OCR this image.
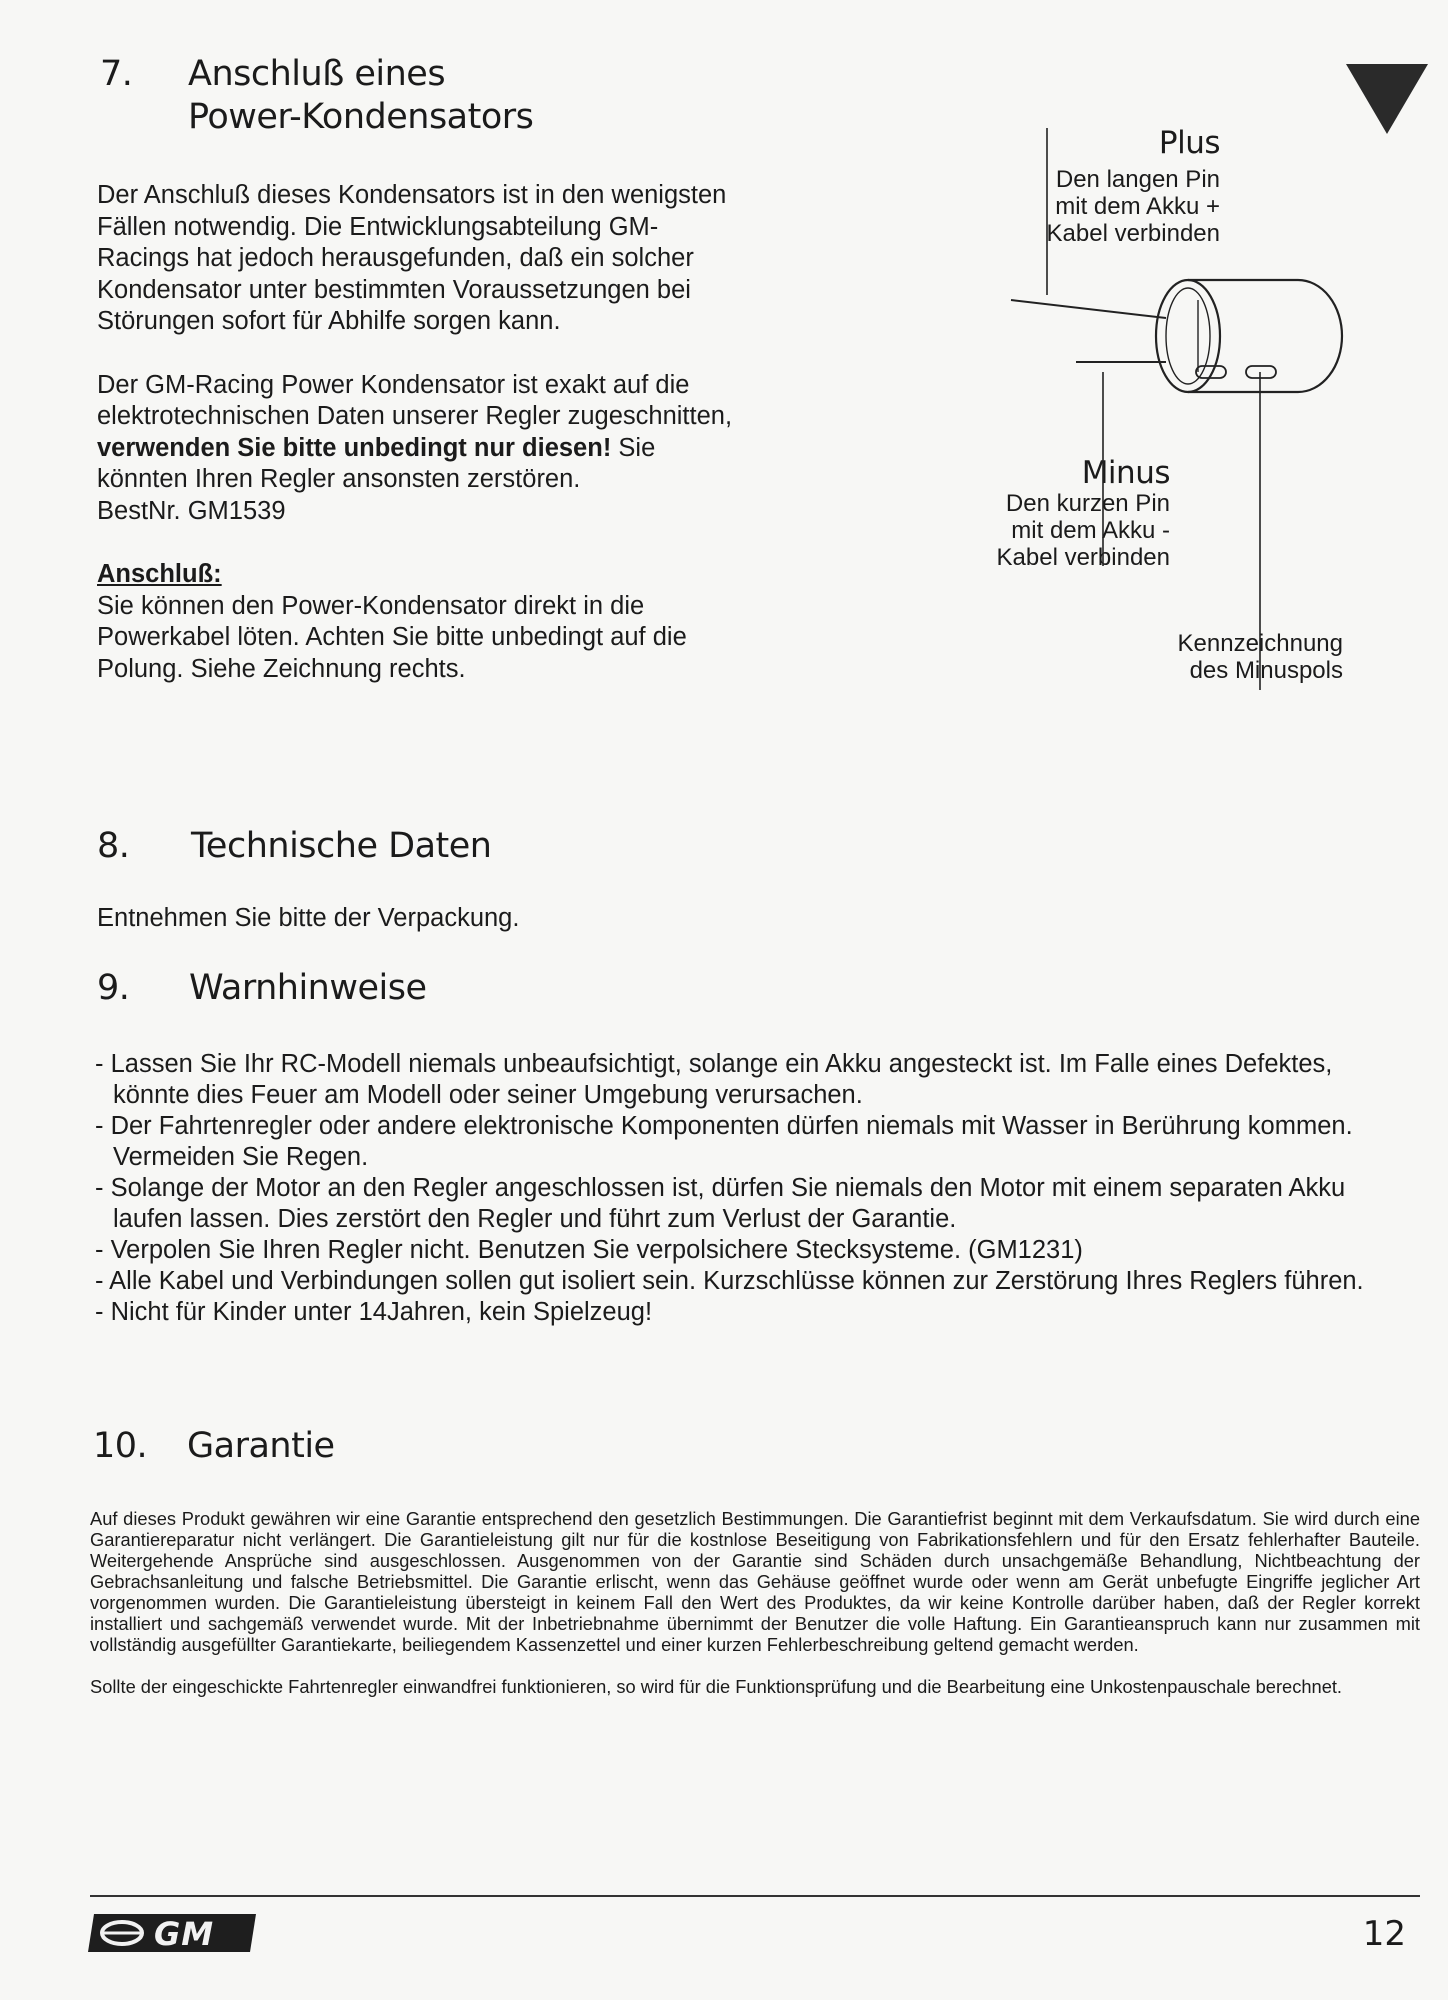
7. Anschluß eines
Power-Kondensators

Der Anschluß dieses Kondensators ist in den wenigsten Fällen notwendig. Die Entwicklungsabteilung GM-Racings hat jedoch herausgefunden, daß ein solcher Kondensator unter bestimmten Voraussetzungen bei Störungen sofort für Abhilfe sorgen kann.

Der GM-Racing Power Kondensator ist exakt auf die elektrotechnischen Daten unserer Regler zugeschnitten, verwenden Sie bitte unbedingt nur diesen! Sie könnten Ihren Regler ansonsten zerstören.

BestNr. GM1539

Anschluß:

Sie können den Power-Kondensator direkt in die Powerkabel löten. Achten Sie bitte unbedingt auf die Polung. Siehe Zeichnung rechts.

Plus
Den langen Pin
mit dem Akku +
Kabel verbinden
Minus
Den kurzen Pin
mit dem Akku -
Kabel verbinden
Kennzeichnung
des Minuspols
8. Technische Daten

Entnehmen Sie bitte der Verpackung.

9. Warnhinweise
- Lassen Sie Ihr RC-Modell niemals unbeaufsichtigt, solange ein Akku angesteckt ist. Im Falle eines Defektes, könnte dies Feuer am Modell oder seiner Umgebung verursachen.
- Der Fahrtenregler oder andere elektronische Komponenten dürfen niemals mit Wasser in Berührung kommen. Vermeiden Sie Regen.
- Solange der Motor an den Regler angeschlossen ist, dürfen Sie niemals den Motor mit einem separaten Akku laufen lassen. Dies zerstört den Regler und führt zum Verlust der Garantie.
- Verpolen Sie Ihren Regler nicht. Benutzen Sie verpolsichere Stecksysteme. (GM1231)
- Alle Kabel und Verbindungen sollen gut isoliert sein. Kurzschlüsse können zur Zerstörung Ihres Reglers führen.
- Nicht für Kinder unter 14Jahren, kein Spielzeug!
10. Garantie

Auf dieses Produkt gewähren wir eine Garantie entsprechend den gesetzlich Bestimmungen. Die Garantiefrist beginnt mit dem Verkaufsdatum. Sie wird durch eine Garantiereparatur nicht verlängert. Die Garantieleistung gilt nur für die kostnlose Beseitigung von Fabrikationsfehlern und für den Ersatz fehlerhafter Bauteile. Weitergehende Ansprüche sind ausgeschlossen. Ausgenommen von der Garantie sind Schäden durch unsachgemäße Behandlung, Nichtbeachtung der Gebrachsanleitung und falsche Betriebsmittel. Die Garantie erlischt, wenn das Gehäuse geöffnet wurde oder wenn am Gerät unbefugte Eingriffe jeglicher Art vorgenommen wurden. Die Garantieleistung übersteigt in keinem Fall den Wert des Produktes, da wir keine Kontrolle darüber haben, daß der Regler korrekt installiert und sachgemäß verwendet wurde. Mit der Inbetriebnahme übernimmt der Benutzer die volle Haftung. Ein Garantieanspruch kann nur zusammen mit vollständig ausgefüllter Garantiekarte, beiliegendem Kassenzettel und einer kurzen Fehlerbeschreibung geltend gemacht werden.

Sollte der eingeschickte Fahrtenregler einwandfrei funktionieren, so wird für die Funktionsprüfung und die Bearbeitung eine Unkostenpauschale berechnet.

GM	12
